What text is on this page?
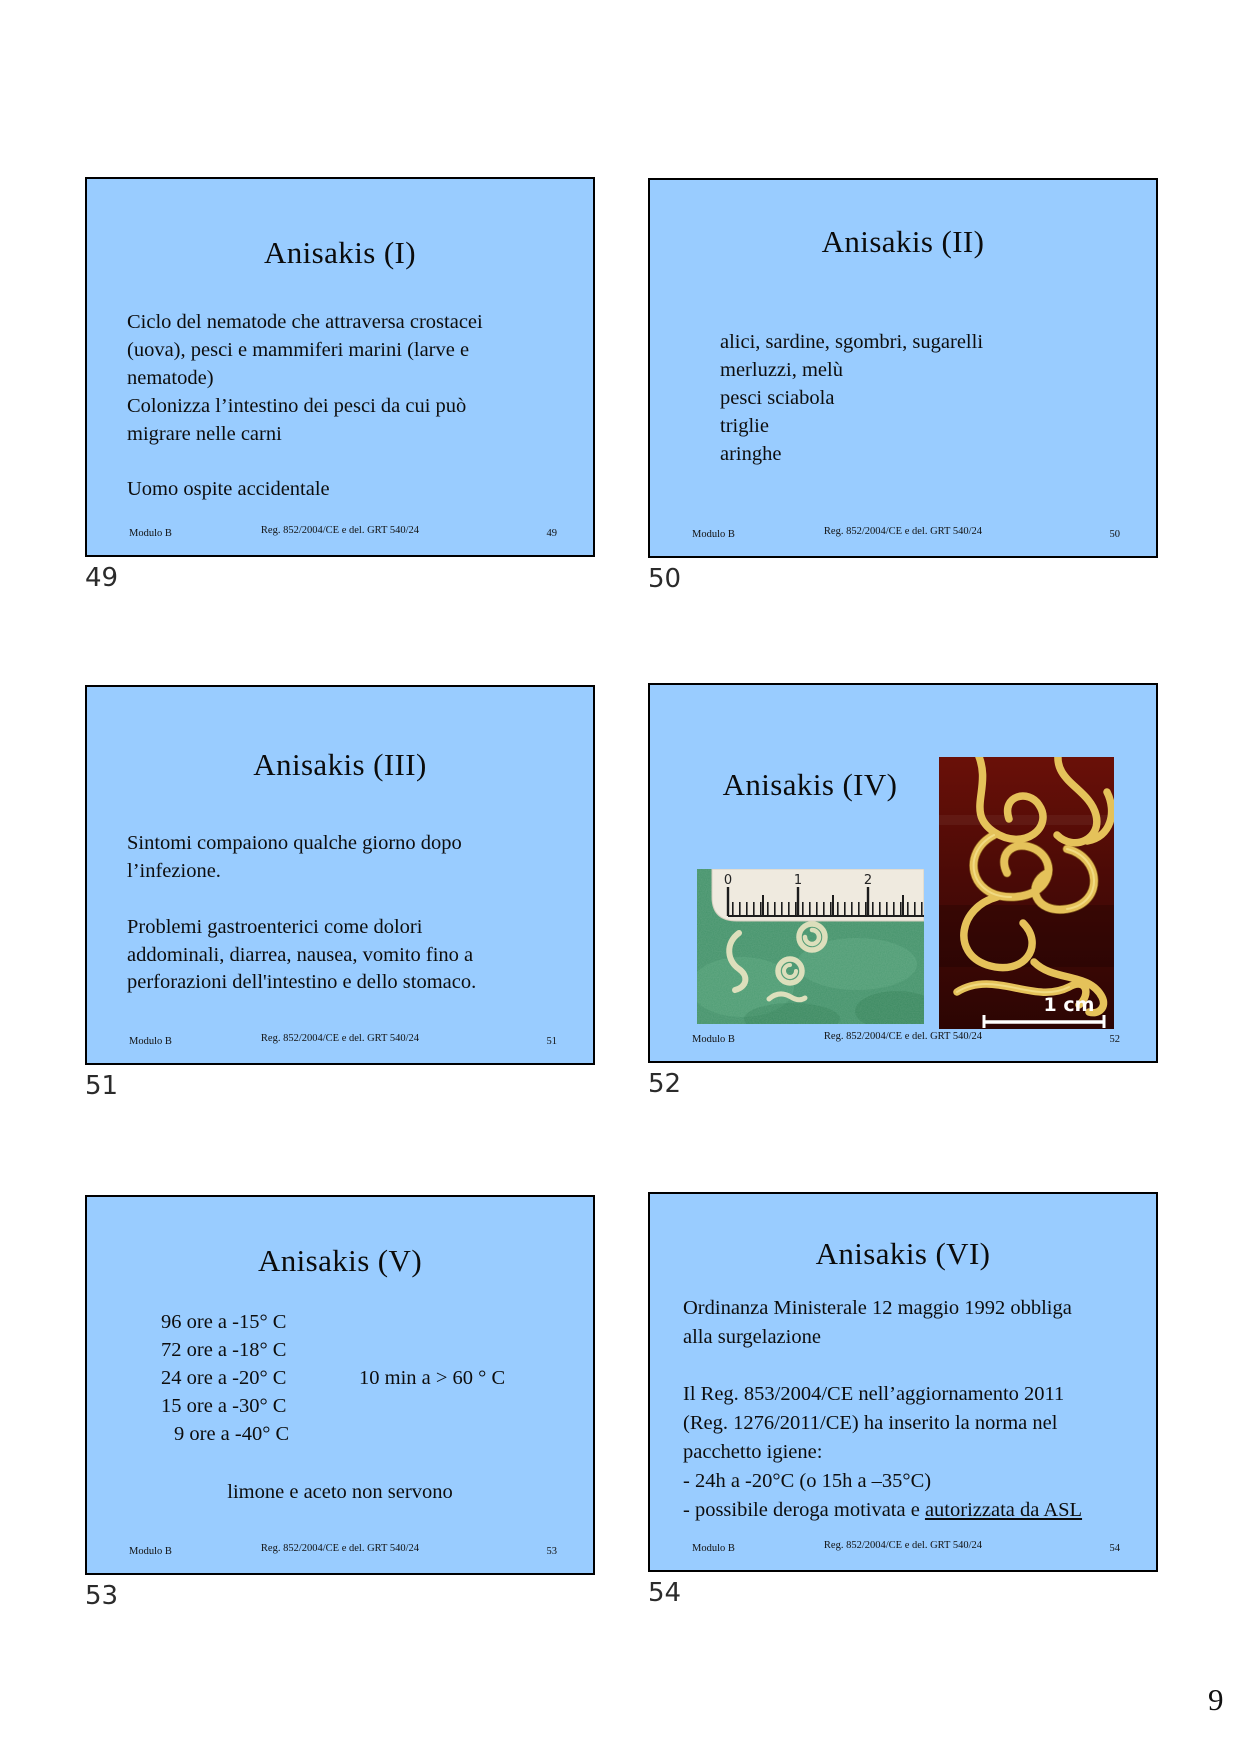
Anisakis (I)
Ciclo del nematode che attraversa crostacei
(uova), pesci e mammiferi marini (larve e
nematode)
Colonizza l’intestino dei pesci da cui può
migrare nelle carni
Uomo ospite accidentale
Modulo B	Reg. 852/2004/CE e del. GRT 540/24	49
Anisakis (II)
alici, sardine, sgombri, sugarelli
merluzzi, melù
pesci sciabola
triglie
aringhe
Modulo B	Reg. 852/2004/CE e del. GRT 540/24	50
Anisakis (III)
Sintomi compaiono qualche giorno dopo
l’infezione.
Problemi gastroenterici come dolori
addominali, diarrea, nausea, vomito fino a
perforazioni dell'intestino e dello stomaco.
Modulo B	Reg. 852/2004/CE e del. GRT 540/24	51
Anisakis (IV)
0	1	2
1 cm
Modulo B	Reg. 852/2004/CE e del. GRT 540/24	52
Anisakis (V)
96 ore a -15° C
72 ore a -18° C
24 ore a -20° C
15 ore a -30° C
9 ore a -40° C
10 min a > 60 ° C
limone e aceto non servono
Modulo B	Reg. 852/2004/CE e del. GRT 540/24	53
Anisakis (VI)
Ordinanza Ministerale 12 maggio 1992 obbliga
alla surgelazione
Il Reg. 853/2004/CE nell’aggiornamento 2011
(Reg. 1276/2011/CE) ha inserito la norma nel
pacchetto igiene:
- 24h a -20°C (o 15h a –35°C)
- possibile deroga motivata e autorizzata da ASL
Modulo B	Reg. 852/2004/CE e del. GRT 540/24	54
49	50
51	52
53	54
9
